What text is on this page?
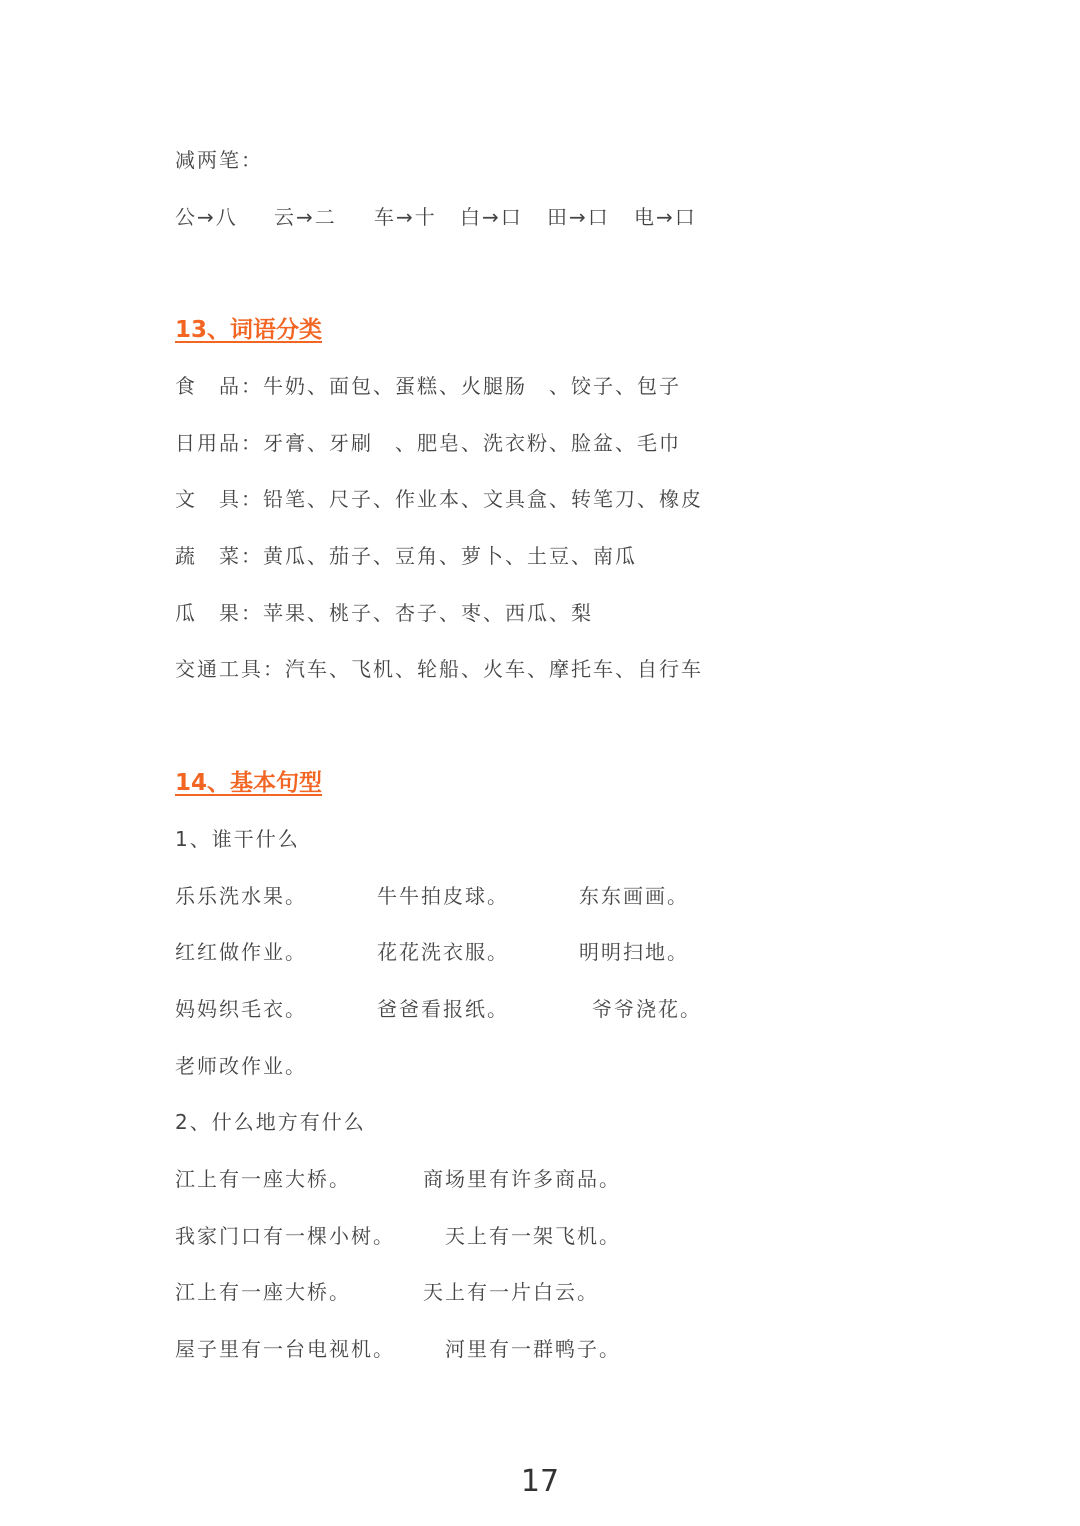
减两笔：
公→八 云→二 车→十 白→口 田→口 电→口
13、词语分类
食　品：牛奶、面包、蛋糕、火腿肠　、饺子、包子
日用品：牙膏、牙刷　、肥皂、洗衣粉、脸盆、毛巾
文　具：铅笔、尺子、作业本、文具盒、转笔刀、橡皮
蔬　菜：黄瓜、茄子、豆角、萝卜、土豆、南瓜
瓜　果：苹果、桃子、杏子、枣、西瓜、梨
交通工具：汽车、飞机、轮船、火车、摩托车、自行车
14、基本句型
1、谁干什么
乐乐洗水果。	牛牛拍皮球。	东东画画。
红红做作业。	花花洗衣服。	明明扫地。
妈妈织毛衣。	爸爸看报纸。	爷爷浇花。
老师改作业。
2、什么地方有什么
江上有一座大桥。	商场里有许多商品。
我家门口有一棵小树。	天上有一架飞机。
江上有一座大桥。	天上有一片白云。
屋子里有一台电视机。	河里有一群鸭子。
17
